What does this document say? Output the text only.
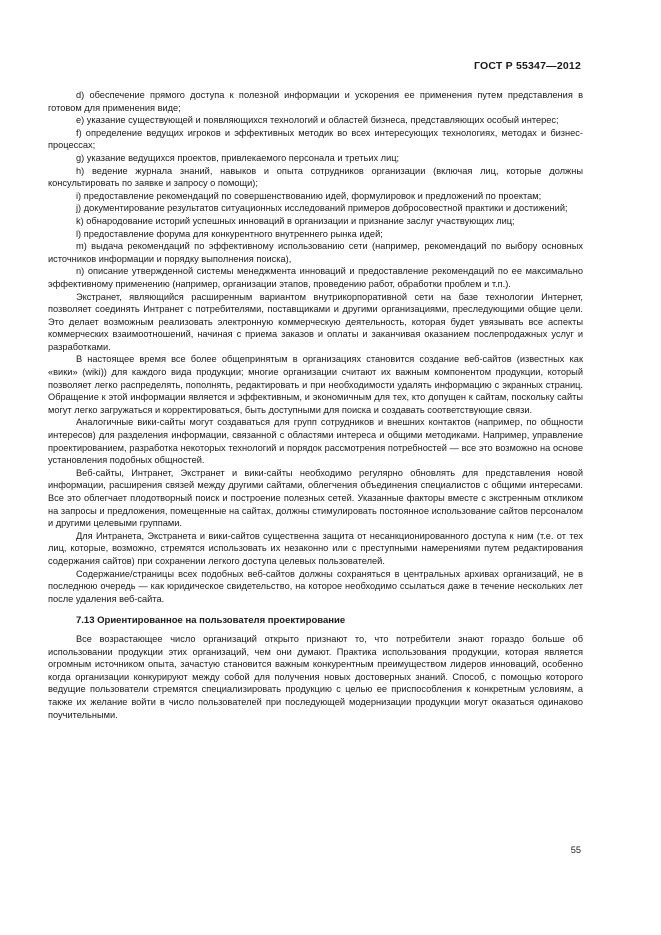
ГОСТ Р 55347—2012

d) обеспечение прямого доступа к полезной информации и ускорения ее применения путем представления в готовом для применения виде;

e) указание существующей и появляющихся технологий и областей бизнеса, представляющих особый интерес;

f) определение ведущих игроков и эффективных методик во всех интересующих технологиях, методах и бизнес-процессах;

g) указание ведущихся проектов, привлекаемого персонала и третьих лиц;

h) ведение журнала знаний, навыков и опыта сотрудников организации (включая лиц, которые должны консультировать по заявке и запросу о помощи);

i) предоставление рекомендаций по совершенствованию идей, формулировок и предложений по проектам;

j) документирование результатов ситуационных исследований примеров добросовестной практики и достижений;

k) обнародование историй успешных инноваций в организации и признание заслуг участвующих лиц;

l) предоставление форума для конкурентного внутреннего рынка идей;

m) выдача рекомендаций по эффективному использованию сети (например, рекомендаций по выбору основных источников информации и порядку выполнения поиска),

n) описание утвержденной системы менеджмента инноваций и предоставление рекомендаций по ее максимально эффективному применению (например, организации этапов, проведению работ, обработки проблем и т.п.).

Экстранет, являющийся расширенным вариантом внутрикорпоративной сети на базе технологии Интернет, позволяет соединять Интранет с потребителями, поставщиками и другими организациями, преследующими общие цели. Это делает возможным реализовать электронную коммерческую деятельность, которая будет увязывать все аспекты коммерческих взаимоотношений, начиная с приема заказов и оплаты и заканчивая оказанием послепродажных услуг и разработками.

В настоящее время все более общепринятым в организациях становится создание веб-сайтов (известных как «вики» (wiki)) для каждого вида продукции; многие организации считают их важным компонентом продукции, который позволяет легко распределять, пополнять, редактировать и при необходимости удалять информацию с экранных страниц. Обращение к этой информации является и эффективным, и экономичным для тех, кто допущен к сайтам, поскольку сайты могут легко загружаться и корректироваться, быть доступными для поиска и создавать соответствующие связи.

Аналогичные вики-сайты могут создаваться для групп сотрудников и внешних контактов (например, по общности интересов) для разделения информации, связанной с областями интереса и общими методиками. Например, управление проектированием, разработка некоторых технологий и порядок рассмотрения потребностей — все это возможно на основе установления подобных общностей.

Веб-сайты, Интранет, Экстранет и вики-сайты необходимо регулярно обновлять для представления новой информации, расширения связей между другими сайтами, облегчения объединения специалистов с общими интересами. Все это облегчает плодотворный поиск и построение полезных сетей. Указанные факторы вместе с экстренным откликом на запросы и предложения, помещенные на сайтах, должны стимулировать постоянное использование сайтов персоналом и другими целевыми группами.

Для Интранета, Экстранета и вики-сайтов существенна защита от несанкционированного доступа к ним (т.е. от тех лиц, которые, возможно, стремятся использовать их незаконно или с преступными намерениями путем редактирования содержания сайтов) при сохранении легкого доступа целевых пользователей.

Содержание/страницы всех подобных веб-сайтов должны сохраняться в центральных архивах организаций, не в последнюю очередь — как юридическое свидетельство, на которое необходимо ссылаться даже в течение нескольких лет после удаления веб-сайта.

7.13 Ориентированное на пользователя проектирование

Все возрастающее число организаций открыто признают то, что потребители знают гораздо больше об использовании продукции этих организаций, чем они думают. Практика использования продукции, которая является огромным источником опыта, зачастую становится важным конкурентным преимуществом лидеров инноваций, особенно когда организации конкурируют между собой для получения новых достоверных знаний. Способ, с помощью которого ведущие пользователи стремятся специализировать продукцию с целью ее приспособления к конкретным условиям, а также их желание войти в число пользователей при последующей модернизации продукции могут оказаться одинаково поучительными.

55
